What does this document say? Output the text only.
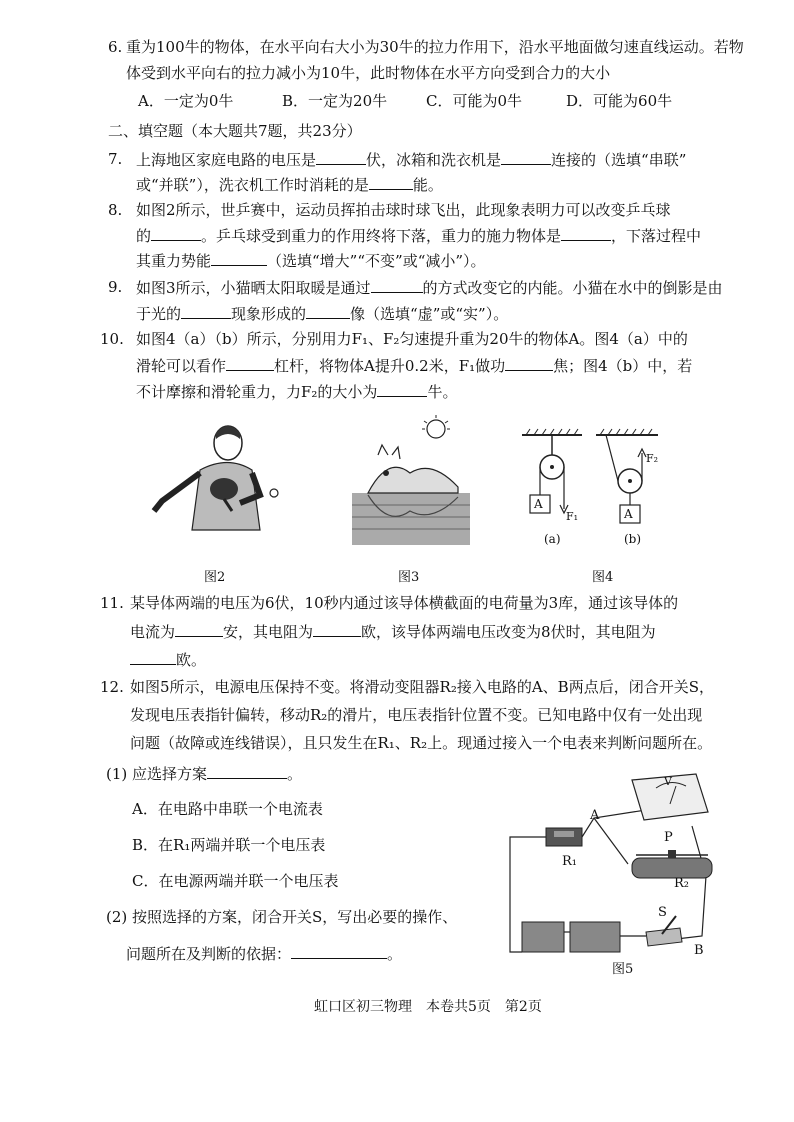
6. 重为100牛的物体，在水平向右大小为30牛的拉力作用下，沿水平地面做匀速直线运动。若物
体受到水平向右的拉力减小为10牛，此时物体在水平方向受到合力的大小
A．一定为0牛	B．一定为20牛	C．可能为0牛	D．可能为60牛
二、填空题（本大题共7题，共23分）
7. 上海地区家庭电路的电压是	伏，冰箱和洗衣机是	连接的（选填“串联”
或“并联”），洗衣机工作时消耗的是	能。
8. 如图2所示，世乒赛中，运动员挥拍击球时球飞出，此现象表明力可以改变乒乓球
的	。乒乓球受到重力的作用终将下落，重力的施力物体是	，下落过程中
其重力势能	（选填“增大”“不变”或“减小”）。
9. 如图3所示，小猫晒太阳取暖是通过	的方式改变它的内能。小猫在水中的倒影是由
于光的	现象形成的	像（选填“虚”或“实”）。
10. 如图4（a）（b）所示，分别用力F₁、F₂匀速提升重为20牛的物体A。图4（a）中的
滑轮可以看作	杠杆，将物体A提升0.2米，F₁做功	焦；图4（b）中，若
不计摩擦和滑轮重力，力F₂的大小为	牛。
图2	图3
A
A
F₁
F₂
(a)	(b)
图4
11. 某导体两端的电压为6伏，10秒内通过该导体横截面的电荷量为3库，通过该导体的
电流为	安，其电阻为	欧，该导体两端电压改变为8伏时，其电阻为
欧。
12. 如图5所示，电源电压保持不变。将滑动变阻器R₂接入电路的A、B两点后，闭合开关S，
发现电压表指针偏转，移动R₂的滑片，电压表指针位置不变。已知电路中仅有一处出现
问题（故障或连线错误），且只发生在R₁、R₂上。现通过接入一个电表来判断问题所在。
(1) 应选择方案	。
A．在电路中串联一个电流表
B．在R₁两端并联一个电压表
C．在电源两端并联一个电压表
(2) 按照选择的方案，闭合开关S，写出必要的操作、
问题所在及判断的依据：	。
V
A
P
R₁
R₂
S
B
图5
虹口区初三物理　本卷共5页　第2页
